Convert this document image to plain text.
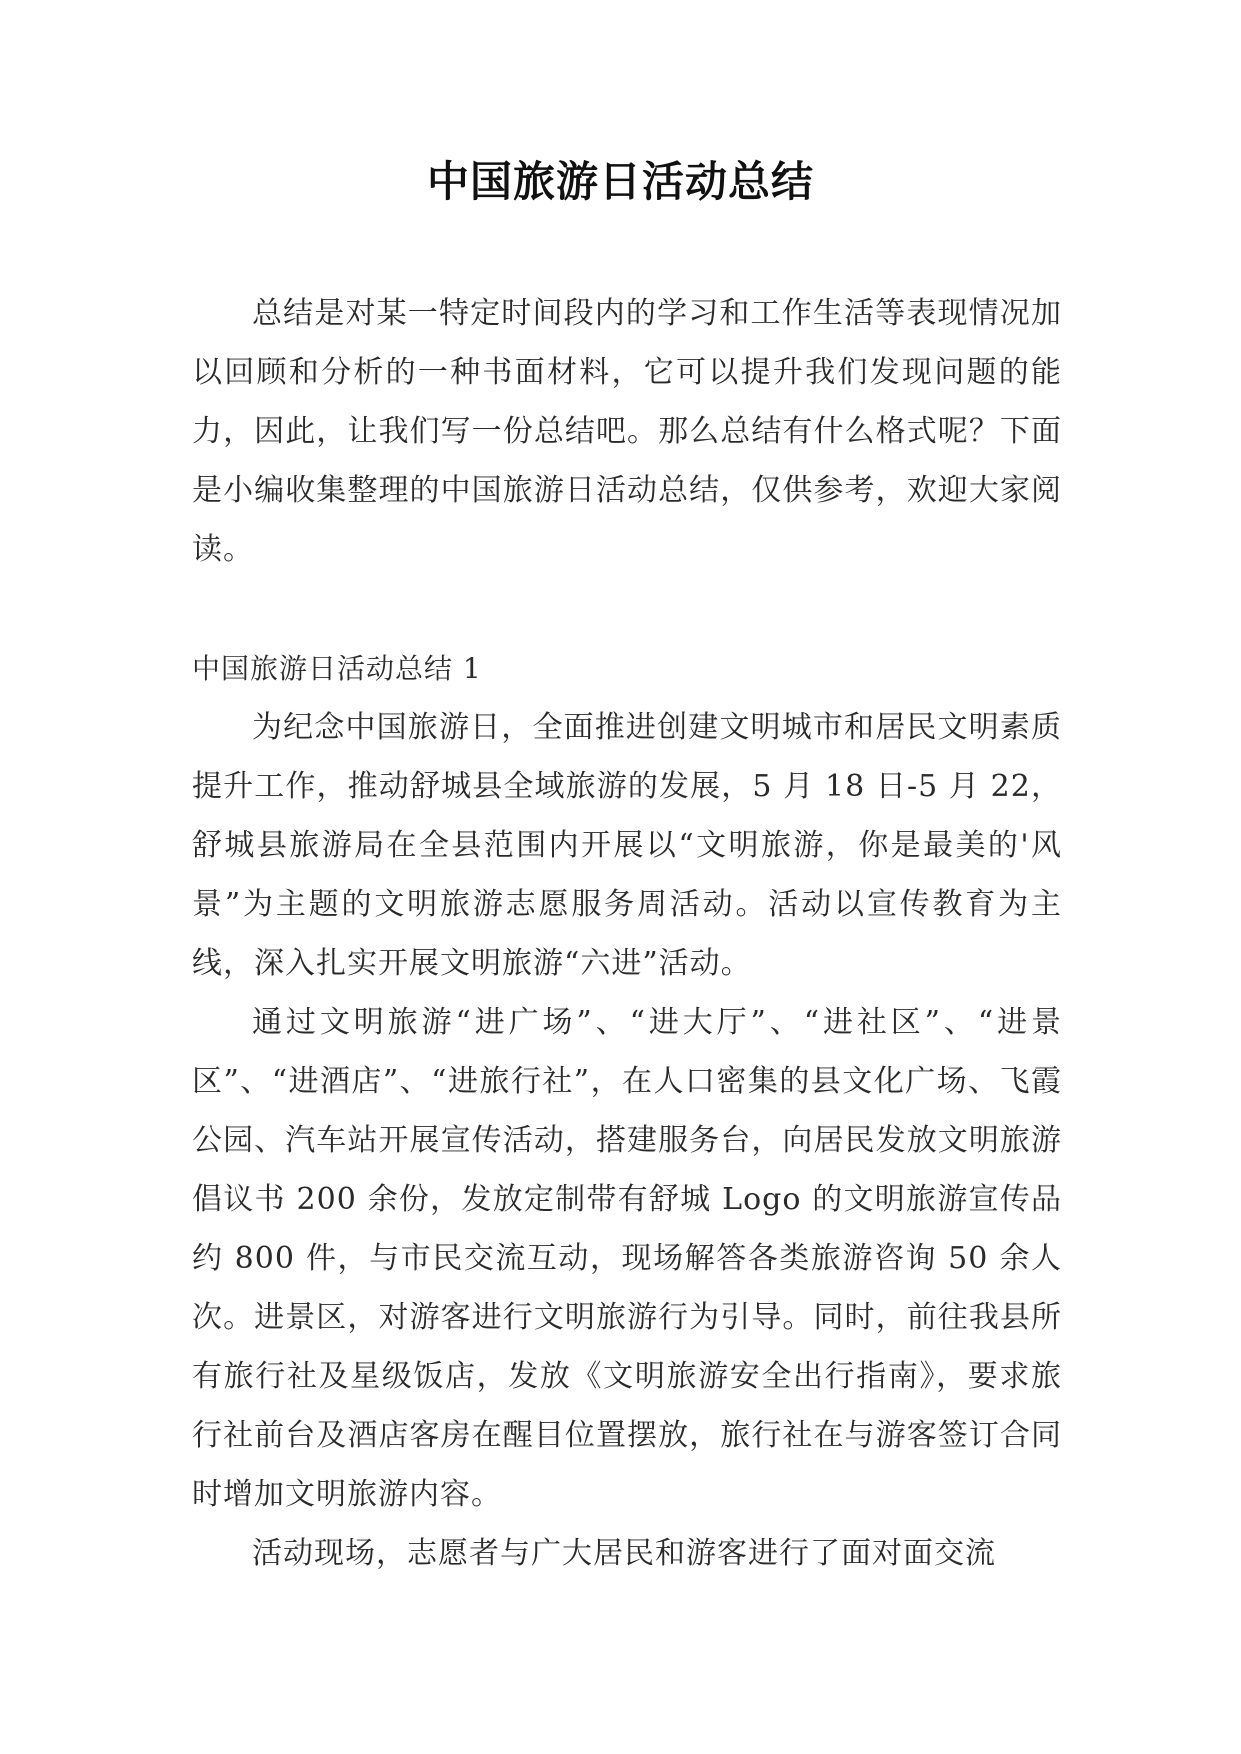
中国旅游日活动总结

总结是对某一特定时间段内的学习和工作生活等表现情况加以回顾和分析的一种书面材料，它可以提升我们发现问题的能力，因此，让我们写一份总结吧。那么总结有什么格式呢？下面是小编收集整理的中国旅游日活动总结，仅供参考，欢迎大家阅读。

中国旅游日活动总结 1

为纪念中国旅游日，全面推进创建文明城市和居民文明素质提升工作，推动舒城县全域旅游的发展，5 月 18 日-5 月 22，舒城县旅游局在全县范围内开展以“文明旅游，你是最美的'风景”为主题的文明旅游志愿服务周活动。活动以宣传教育为主线，深入扎实开展文明旅游“六进”活动。

通过文明旅游“进广场”、“进大厅”、“进社区”、“进景区”、“进酒店”、“进旅行社”，在人口密集的县文化广场、飞霞公园、汽车站开展宣传活动，搭建服务台，向居民发放文明旅游倡议书 200 余份，发放定制带有舒城 Logo 的文明旅游宣传品约 800 件，与市民交流互动，现场解答各类旅游咨询 50 余人次。进景区，对游客进行文明旅游行为引导。同时，前往我县所有旅行社及星级饭店，发放《文明旅游安全出行指南》，要求旅行社前台及酒店客房在醒目位置摆放，旅行社在与游客签订合同时增加文明旅游内容。

活动现场，志愿者与广大居民和游客进行了面对面交流
